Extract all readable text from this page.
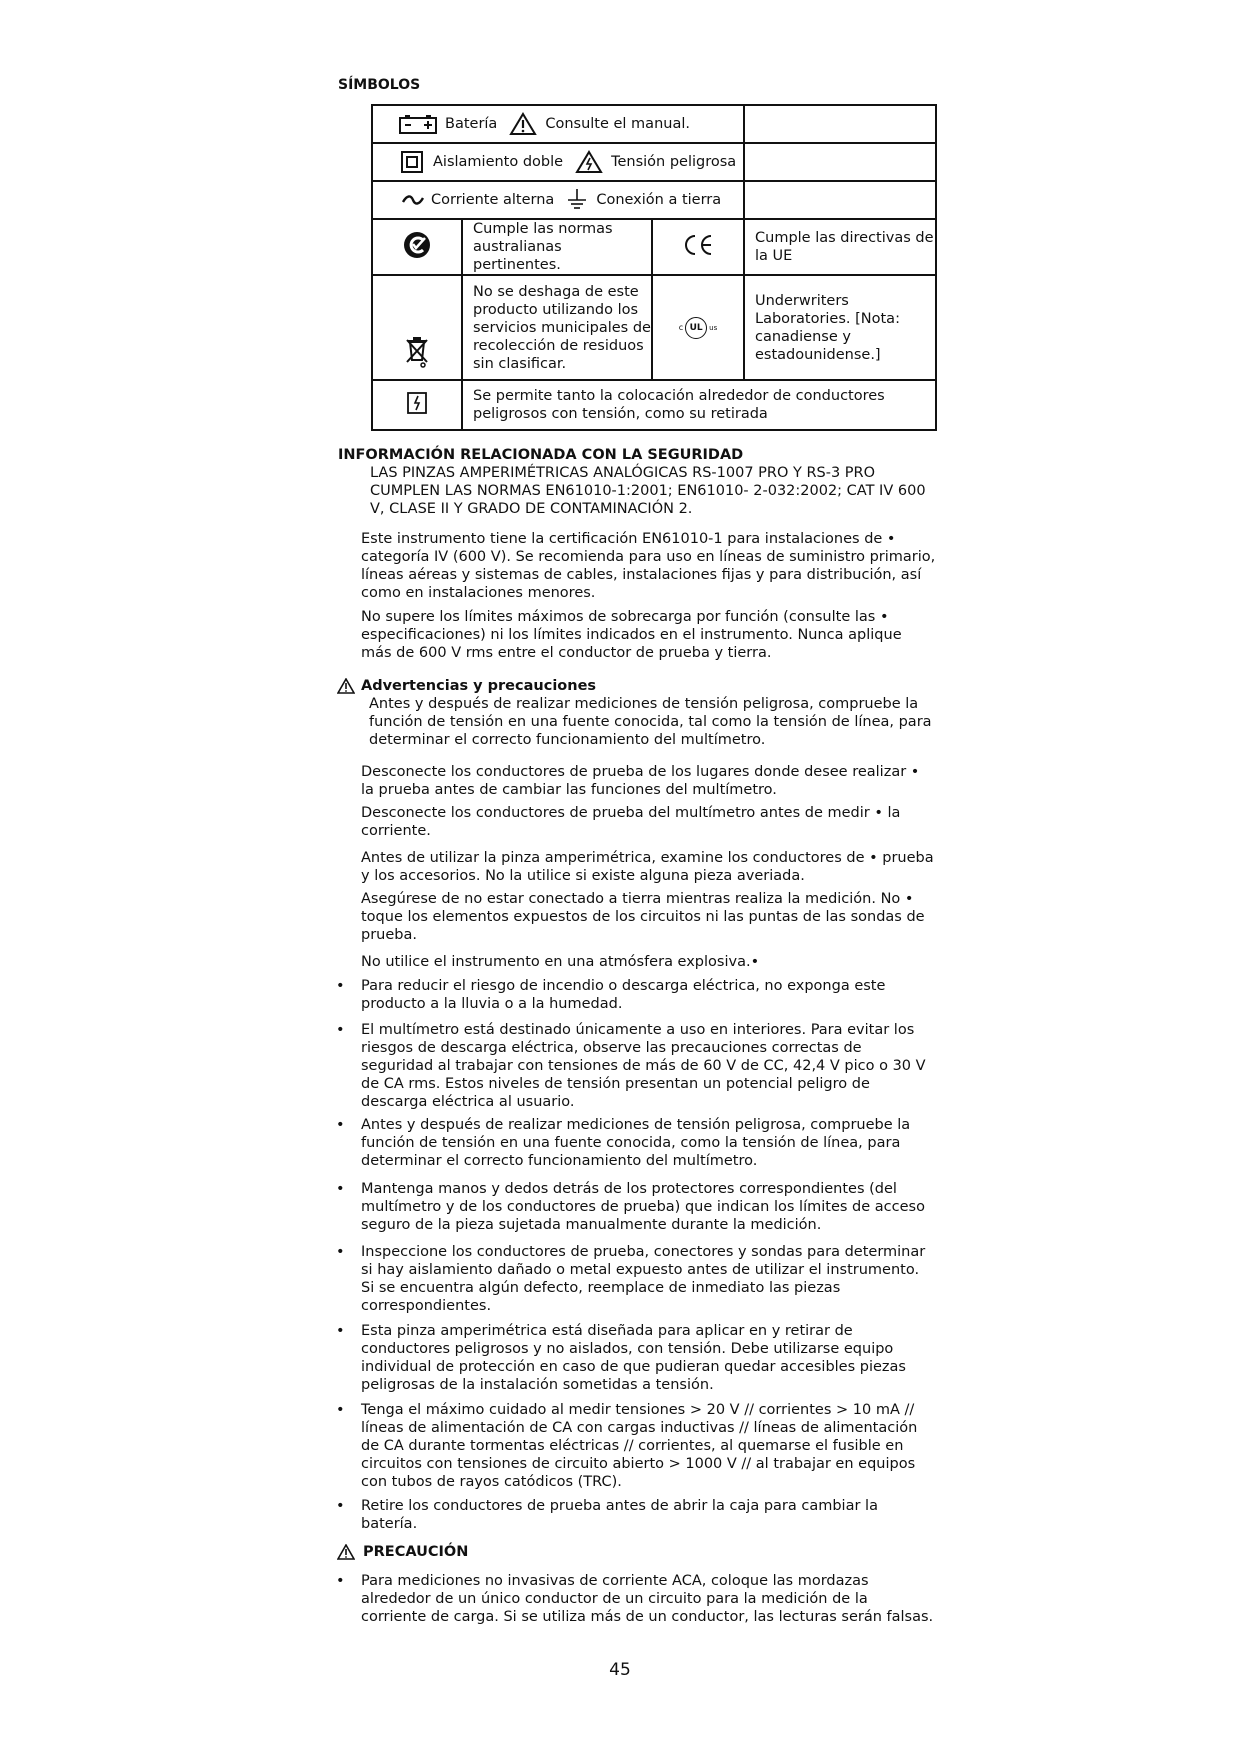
SÍMBOLOS
Batería Consulte el manual.			

Aislamiento doble Tensión peligrosa			

Corriente alterna Conexión a tierra			

	Cumple las normas australianas pertinentes.		Cumple las directivas de la UE
	No se deshaga de este producto utilizando los servicios municipales de recolección de residuos sin clasificar.	c UL us	Underwriters Laboratories. [Nota: canadiense y estadounidense.]
	Se permite tanto la colocación alrededor de conductores peligrosos con tensión, como su retirada		
INFORMACIÓN RELACIONADA CON LA SEGURIDAD
LAS PINZAS AMPERIMÉTRICAS ANALÓGICAS RS-1007 PRO Y RS-3 PRO CUMPLEN LAS NORMAS EN61010-1:2001; EN61010- 2-032:2002; CAT IV 600 V, CLASE II Y GRADO DE CONTAMINACIÓN 2.
Este instrumento tiene la certificación EN61010-1 para instalaciones de • categoría IV (600 V). Se recomienda para uso en líneas de suministro primario, líneas aéreas y sistemas de cables, instalaciones fijas y para distribución, así como en instalaciones menores.
No supere los límites máximos de sobrecarga por función (consulte las • especificaciones) ni los límites indicados en el instrumento. Nunca aplique más de 600 V rms entre el conductor de prueba y tierra.
Advertencias y precauciones
Antes y después de realizar mediciones de tensión peligrosa, compruebe la función de tensión en una fuente conocida, tal como la tensión de línea, para determinar el correcto funcionamiento del multímetro.
Desconecte los conductores de prueba de los lugares donde desee realizar • la prueba antes de cambiar las funciones del multímetro.
Desconecte los conductores de prueba del multímetro antes de medir • la corriente.
Antes de utilizar la pinza amperimétrica, examine los conductores de • prueba y los accesorios. No la utilice si existe alguna pieza averiada.
Asegúrese de no estar conectado a tierra mientras realiza la medición. No • toque los elementos expuestos de los circuitos ni las puntas de las sondas de prueba.
No utilice el instrumento en una atmósfera explosiva.•
•	Para reducir el riesgo de incendio o descarga eléctrica, no exponga este producto a la lluvia o a la humedad.
•	El multímetro está destinado únicamente a uso en interiores. Para evitar los riesgos de descarga eléctrica, observe las precauciones correctas de seguridad al trabajar con tensiones de más de 60 V de CC, 42,4 V pico o 30 V de CA rms. Estos niveles de tensión presentan un potencial peligro de descarga eléctrica al usuario.
•	Antes y después de realizar mediciones de tensión peligrosa, compruebe la función de tensión en una fuente conocida, como la tensión de línea, para determinar el correcto funcionamiento del multímetro.
•	Mantenga manos y dedos detrás de los protectores correspondientes (del multímetro y de los conductores de prueba) que indican los límites de acceso seguro de la pieza sujetada manualmente durante la medición.
•	Inspeccione los conductores de prueba, conectores y sondas para determinar si hay aislamiento dañado o metal expuesto antes de utilizar el instrumento. Si se encuentra algún defecto, reemplace de inmediato las piezas correspondientes.
•	Esta pinza amperimétrica está diseñada para aplicar en y retirar de conductores peligrosos y no aislados, con tensión. Debe utilizarse equipo individual de protección en caso de que pudieran quedar accesibles piezas peligrosas de la instalación sometidas a tensión.
•	Tenga el máximo cuidado al medir tensiones > 20 V // corrientes > 10 mA // líneas de alimentación de CA con cargas inductivas // líneas de alimentación de CA durante tormentas eléctricas // corrientes, al quemarse el fusible en circuitos con tensiones de circuito abierto > 1000 V // al trabajar en equipos con tubos de rayos catódicos (TRC).
•	Retire los conductores de prueba antes de abrir la caja para cambiar la batería.
PRECAUCIÓN
•	Para mediciones no invasivas de corriente ACA, coloque las mordazas alrededor de un único conductor de un circuito para la medición de la corriente de carga. Si se utiliza más de un conductor, las lecturas serán falsas.
45
